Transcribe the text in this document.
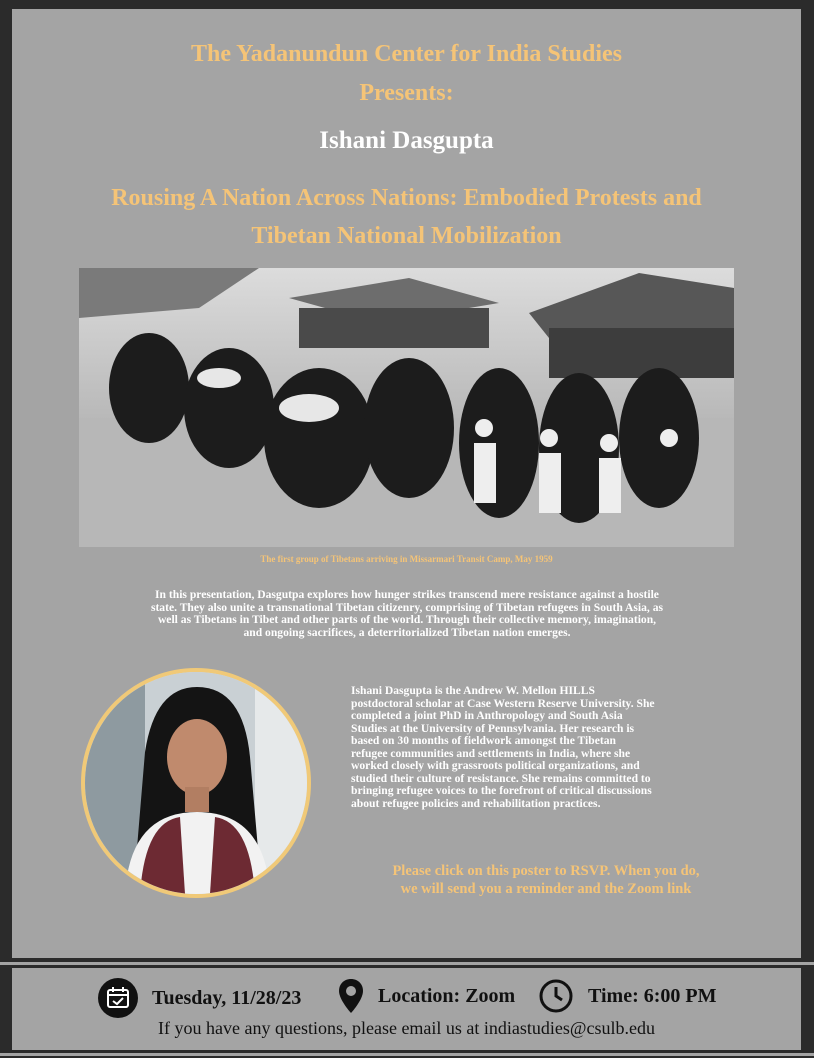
The Yadanundun Center for India Studies
Presents:
Ishani Dasgupta
Rousing A Nation Across Nations: Embodied Protests and
Tibetan National Mobilization
The first group of Tibetans arriving in Missarmari Transit Camp, May 1959
In this presentation, Dasgutpa explores how hunger strikes transcend mere resistance against a hostile
state. They also unite a transnational Tibetan citizenry, comprising of Tibetan refugees in South Asia, as
well as Tibetans in Tibet and other parts of the world. Through their collective memory, imagination,
and ongoing sacrifices, a deterritorialized Tibetan nation emerges.
Ishani Dasgupta is the Andrew W. Mellon HILLS
postdoctoral scholar at Case Western Reserve University. She
completed a joint PhD in Anthropology and South Asia
Studies at the University of Pennsylvania. Her research is
based on 30 months of fieldwork amongst the Tibetan
refugee communities and settlements in India, where she
worked closely with grassroots political organizations, and
studied their culture of resistance. She remains committed to
bringing refugee voices to the forefront of critical discussions
about refugee policies and rehabilitation practices.
Please click on this poster to RSVP. When you do,
we will send you a reminder and the Zoom link
Tuesday, 11/28/23	Location: Zoom	Time: 6:00 PM
If you have any questions, please email us at indiastudies@csulb.edu
